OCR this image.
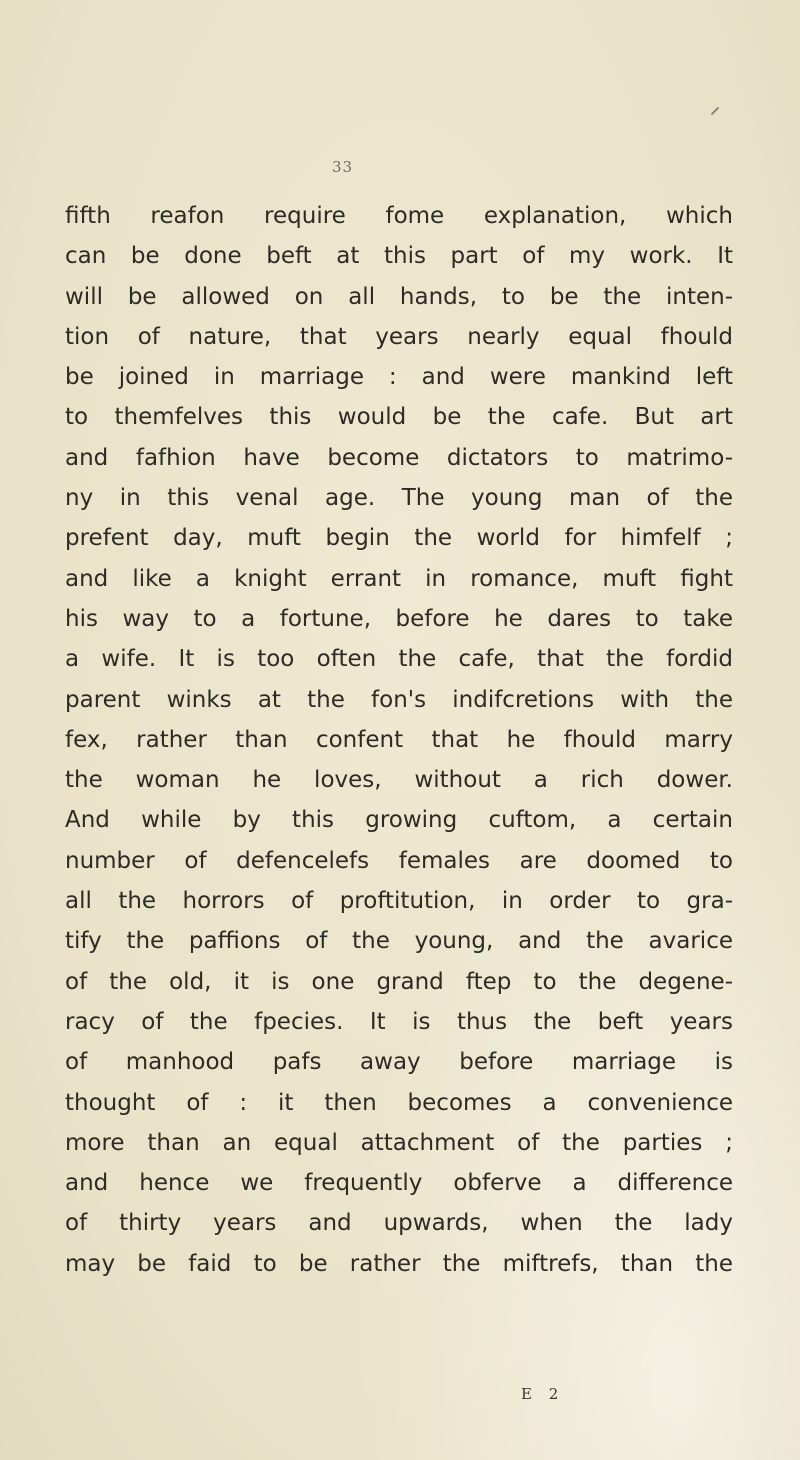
33
fifth reafon require fome explanation, which
can be done beft at this part of my work. It
will be allowed on all hands, to be the inten-
tion of nature, that years nearly equal fhould
be joined in marriage : and were mankind left
to themfelves this would be the cafe. But art
and fafhion have become dictators to matrimo-
ny in this venal age. The young man of the
prefent day, muft begin the world for himfelf ;
and like a knight errant in romance, muft fight
his way to a fortune, before he dares to take
a wife. It is too often the cafe, that the fordid
parent winks at the fon's indifcretions with the
fex, rather than confent that he fhould marry
the woman he loves, without a rich dower.
And while by this growing cuftom, a certain
number of defencelefs females are doomed to
all the horrors of proftitution, in order to gra-
tify the paffions of the young, and the avarice
of the old, it is one grand ftep to the degene-
racy of the fpecies. It is thus the beft years
of manhood pafs away before marriage is
thought of : it then becomes a convenience
more than an equal attachment of the parties ;
and hence we frequently obferve a difference
of thirty years and upwards, when the lady
may be faid to be rather the miftrefs, than the
E 2
